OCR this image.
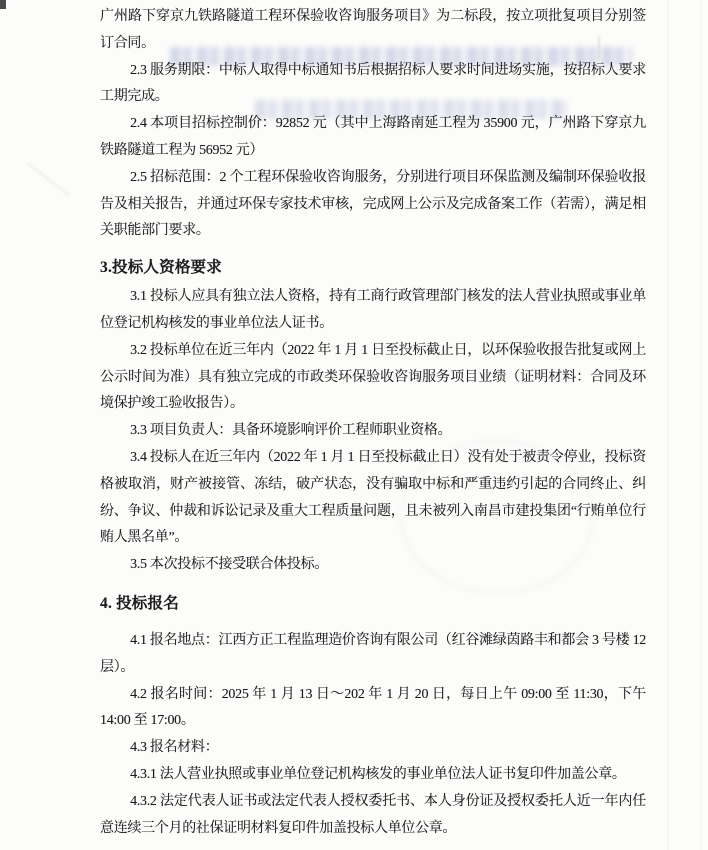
广州路下穿京九铁路隧道工程环保验收咨询服务项目》为二标段，按立项批复项目分别签订合同。

2.3 服务期限：中标人取得中标通知书后根据招标人要求时间进场实施，按招标人要求工期完成。

2.4 本项目招标控制价：92852 元（其中上海路南延工程为 35900 元，广州路下穿京九铁路隧道工程为 56952 元）

2.5 招标范围：2 个工程环保验收咨询服务，分别进行项目环保监测及编制环保验收报告及相关报告，并通过环保专家技术审核，完成网上公示及完成备案工作（若需），满足相关职能部门要求。

3.投标人资格要求

3.1 投标人应具有独立法人资格，持有工商行政管理部门核发的法人营业执照或事业单位登记机构核发的事业单位法人证书。

3.2 投标单位在近三年内（2022 年 1 月 1 日至投标截止日，以环保验收报告批复或网上公示时间为准）具有独立完成的市政类环保验收咨询服务项目业绩（证明材料：合同及环境保护竣工验收报告）。

3.3 项目负责人：具备环境影响评价工程师职业资格。

3.4 投标人在近三年内（2022 年 1 月 1 日至投标截止日）没有处于被责令停业，投标资格被取消，财产被接管、冻结，破产状态，没有骗取中标和严重违约引起的合同终止、纠纷、争议、仲裁和诉讼记录及重大工程质量问题，且未被列入南昌市建投集团“行贿单位行贿人黑名单”。

3.5 本次投标不接受联合体投标。

4. 投标报名

4.1 报名地点：江西方正工程监理造价咨询有限公司（红谷滩绿茵路丰和都会 3 号楼 12 层）。

4.2 报名时间：2025 年 1 月 13 日～202 年 1 月 20 日，每日上午 09:00 至 11:30，下午 14:00 至 17:00。

4.3 报名材料：

4.3.1 法人营业执照或事业单位登记机构核发的事业单位法人证书复印件加盖公章。

4.3.2 法定代表人证书或法定代表人授权委托书、本人身份证及授权委托人近一年内任意连续三个月的社保证明材料复印件加盖投标人单位公章。
